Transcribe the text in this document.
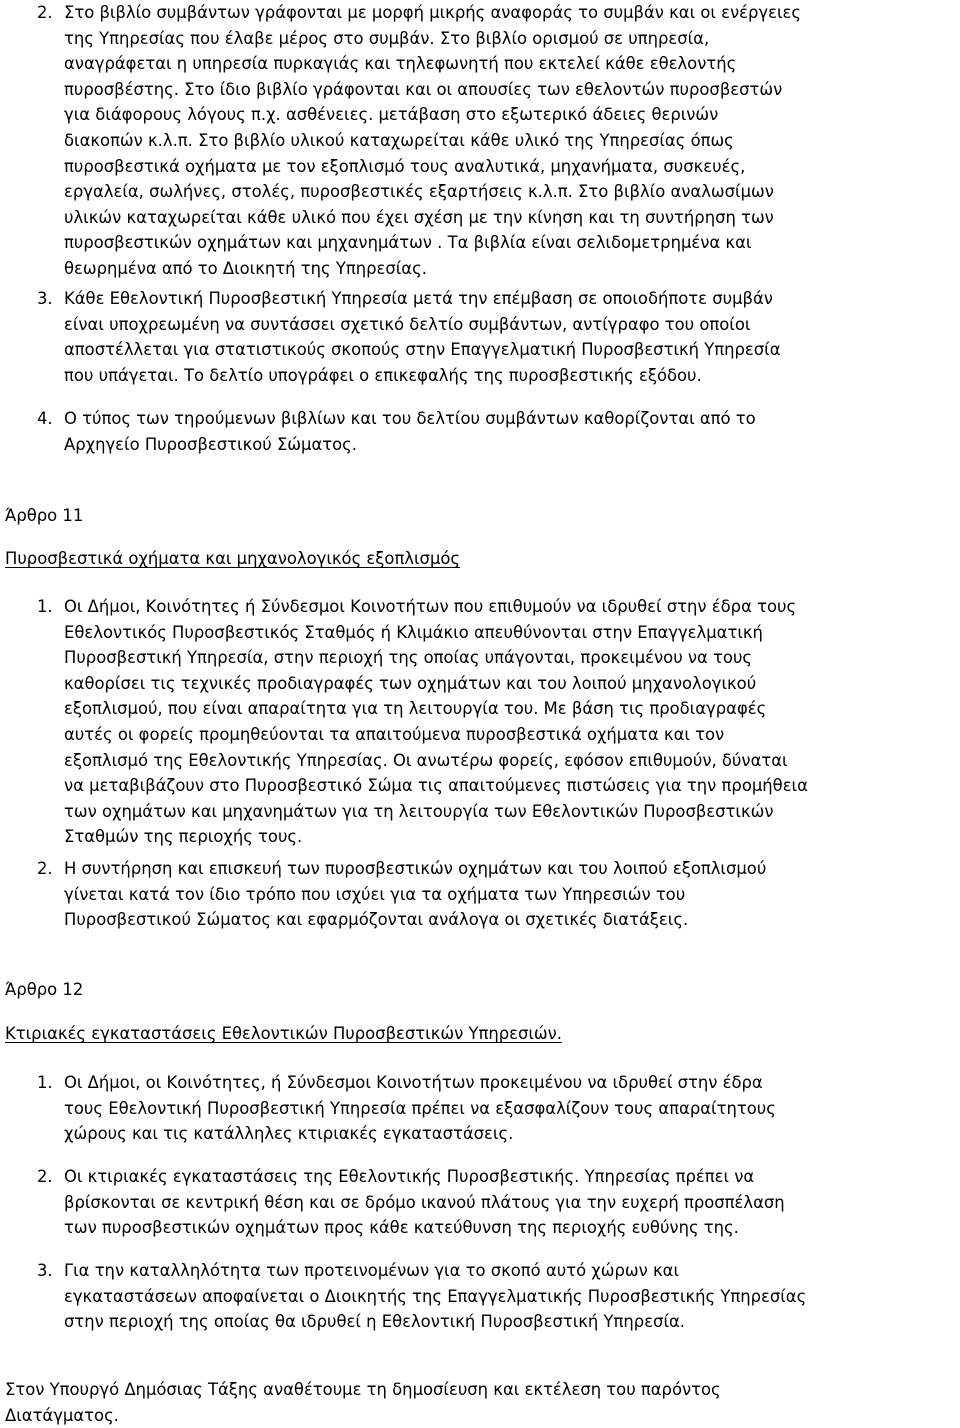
2. Στο βιβλίο συμβάντων γράφονται με μορφή μικρής αναφοράς το συμβάν και οι ενέργειες
της Υπηρεσίας που έλαβε μέρος στο συμβάν. Στο βιβλίο ορισμού σε υπηρεσία,
αναγράφεται η υπηρεσία πυρκαγιάς και τηλεφωνητή που εκτελεί κάθε εθελοντής
πυροσβέστης. Στο ίδιο βιβλίο γράφονται και οι απουσίες των εθελοντών πυροσβεστών
για διάφορους λόγους π.χ. ασθένειες. μετάβαση στο εξωτερικό άδειες θερινών
διακοπών κ.λ.π. Στο βιβλίο υλικού καταχωρείται κάθε υλικό της Υπηρεσίας όπως
πυροσβεστικά οχήματα με τον εξοπλισμό τους αναλυτικά, μηχανήματα, συσκευές,
εργαλεία, σωλήνες, στολές, πυροσβεστικές εξαρτήσεις κ.λ.π. Στο βιβλίο αναλωσίμων
υλικών καταχωρείται κάθε υλικό που έχει σχέση με την κίνηση και τη συντήρηση των
πυροσβεστικών οχημάτων και μηχανημάτων . Τα βιβλία είναι σελιδομετρημένα και
θεωρημένα από το Διοικητή της Υπηρεσίας.
3. Κάθε Εθελοντική Πυροσβεστική Υπηρεσία μετά την επέμβαση σε οποιοδήποτε συμβάν
είναι υποχρεωμένη να συντάσσει σχετικό δελτίο συμβάντων, αντίγραφο του οποίοι
αποστέλλεται για στατιστικούς σκοπούς στην Επαγγελματική Πυροσβεστική Υπηρεσία
που υπάγεται. Το δελτίο υπογράφει ο επικεφαλής της πυροσβεστικής εξόδου.
4. Ο τύπος των τηρούμενων βιβλίων και του δελτίου συμβάντων καθορίζονται από το
Αρχηγείο Πυροσβεστικού Σώματος.

Άρθρο 11

Πυροσβεστικά οχήματα και μηχανολογικός εξοπλισμός

1. Οι Δήμοι, Κοινότητες ή Σύνδεσμοι Κοινοτήτων που επιθυμούν να ιδρυθεί στην έδρα τους
Εθελοντικός Πυροσβεστικός Σταθμός ή Κλιμάκιο απευθύνονται στην Επαγγελματική
Πυροσβεστική Υπηρεσία, στην περιοχή της οποίας υπάγονται, προκειμένου να τους
καθορίσει τις τεχνικές προδιαγραφές των οχημάτων και του λοιπού μηχανολογικού
εξοπλισμού, που είναι απαραίτητα για τη λειτουργία του. Με βάση τις προδιαγραφές
αυτές οι φορείς προμηθεύονται τα απαιτούμενα πυροσβεστικά οχήματα και τον
εξοπλισμό της Εθελοντικής Υπηρεσίας. Οι ανωτέρω φορείς, εφόσον επιθυμούν, δύναται
να μεταβιβάζουν στο Πυροσβεστικό Σώμα τις απαιτούμενες πιστώσεις για την προμήθεια
των οχημάτων και μηχανημάτων για τη λειτουργία των Εθελοντικών Πυροσβεστικών
Σταθμών της περιοχής τους.
2. Η συντήρηση και επισκευή των πυροσβεστικών οχημάτων και του λοιπού εξοπλισμού
γίνεται κατά τον ίδιο τρόπο που ισχύει για τα οχήματα των Υπηρεσιών του
Πυροσβεστικού Σώματος και εφαρμόζονται ανάλογα οι σχετικές διατάξεις.

Άρθρο 12

Κτιριακές εγκαταστάσεις Εθελοντικών Πυροσβεστικών Υπηρεσιών.

1. Οι Δήμοι, οι Κοινότητες, ή Σύνδεσμοι Κοινοτήτων προκειμένου να ιδρυθεί στην έδρα
τους Εθελοντική Πυροσβεστική Υπηρεσία πρέπει να εξασφαλίζουν τους απαραίτητους
χώρους και τις κατάλληλες κτιριακές εγκαταστάσεις.
2. Οι κτιριακές εγκαταστάσεις της Εθελοντικής Πυροσβεστικής. Υπηρεσίας πρέπει να
βρίσκονται σε κεντρική θέση και σε δρόμο ικανού πλάτους για την ευχερή προσπέλαση
των πυροσβεστικών οχημάτων προς κάθε κατεύθυνση της περιοχής ευθύνης της.
3. Για την καταλληλότητα των προτεινομένων για το σκοπό αυτό χώρων και
εγκαταστάσεων αποφαίνεται ο Διοικητής της Επαγγελματικής Πυροσβεστικής Υπηρεσίας
στην περιοχή της οποίας θα ιδρυθεί η Εθελοντική Πυροσβεστική Υπηρεσία.
Στον Υπουργό Δημόσιας Τάξης αναθέτουμε τη δημοσίευση και εκτέλεση του παρόντος
Διατάγματος.
